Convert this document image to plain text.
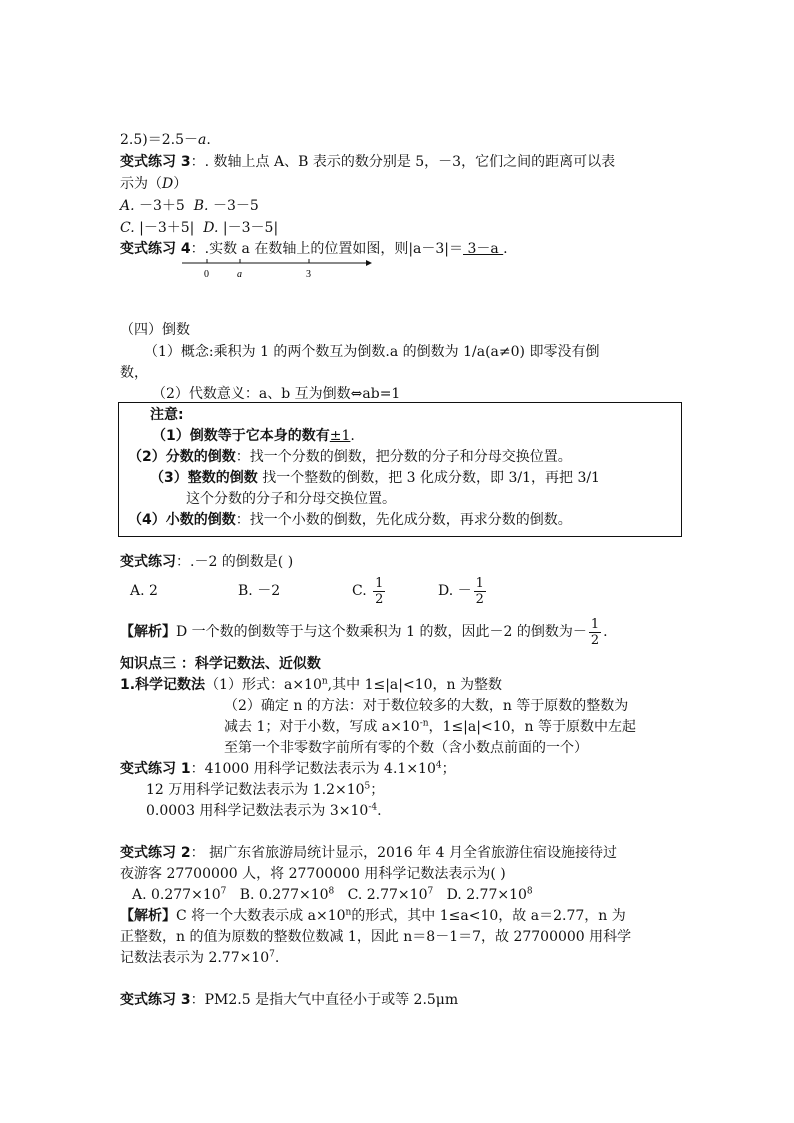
2.5)＝2.5－a.
变式练习 3：. 数轴上点 A、B 表示的数分别是 5，－3，它们之间的距离可以表
示为（D）
A. －3＋5 B. －3－5
C. |－3＋5| D. |－3－5|
变式练习 4：.实数 a 在数轴上的位置如图，则|a－3|＝ 3－a .
0	a	3
（四）倒数
（1）概念:乘积为 1 的两个数互为倒数.a 的倒数为 1/a(a≠0) 即零没有倒
数，
（2）代数意义：a、b 互为倒数⇔ab=1
注意:
（1）倒数等于它本身的数有±1.
（2）分数的倒数：找一个分数的倒数，把分数的分子和分母交换位置。
（3）整数的倒数 找一个整数的倒数，把 3 化成分数，即 3/1，再把 3/1
这个分数的分子和分母交换位置。
（4）小数的倒数：找一个小数的倒数，先化成分数，再求分数的倒数。
变式练习：.－2 的倒数是( )
A. 2	B. －2	C. $\frac{1}{2}$	D. － $\frac{1}{2}$
【解析】D 一个数的倒数等于与这个数乘积为 1 的数，因此－2 的倒数为－ $\frac{1}{2}$ .
知识点三 ：科学记数法、近似数
1.科学记数法（1）形式：$a\times 10^n$,其中 1≤|a|<10，n 为整数
（2）确定 n 的方法：对于数位较多的大数，n 等于原数的整数为
减去 1；对于小数，写成 $a\times 10^{-n}$，1≤|a|<10，n 等于原数中左起
至第一个非零数字前所有零的个数（含小数点前面的一个）
变式练习 1：41000 用科学记数法表示为 $4.1\times 10^4$；
12 万用科学记数法表示为 $1.2\times 10^5$；
0.0003 用科学记数法表示为 $3\times 10^{-4}$.
变式练习 2： 据广东省旅游局统计显示，2016 年 4 月全省旅游住宿设施接待过
夜游客 27700000 人，将 27700000 用科学记数法表示为( )
A. $0.277\times 10^7$ B. $0.277\times 10^8$ C. $2.77\times 10^7$ D. $2.77\times 10^8$
【解析】C 将一个大数表示成 $a\times 10^n$的形式，其中 1≤a<10，故 a＝2.77，n 为
正整数，n 的值为原数的整数位数减 1，因此 n＝8－1＝7，故 27700000 用科学
记数法表示为 $2.77\times 10^7$.
变式练习 3：PM2.5 是指大气中直径小于或等 2.5μm
